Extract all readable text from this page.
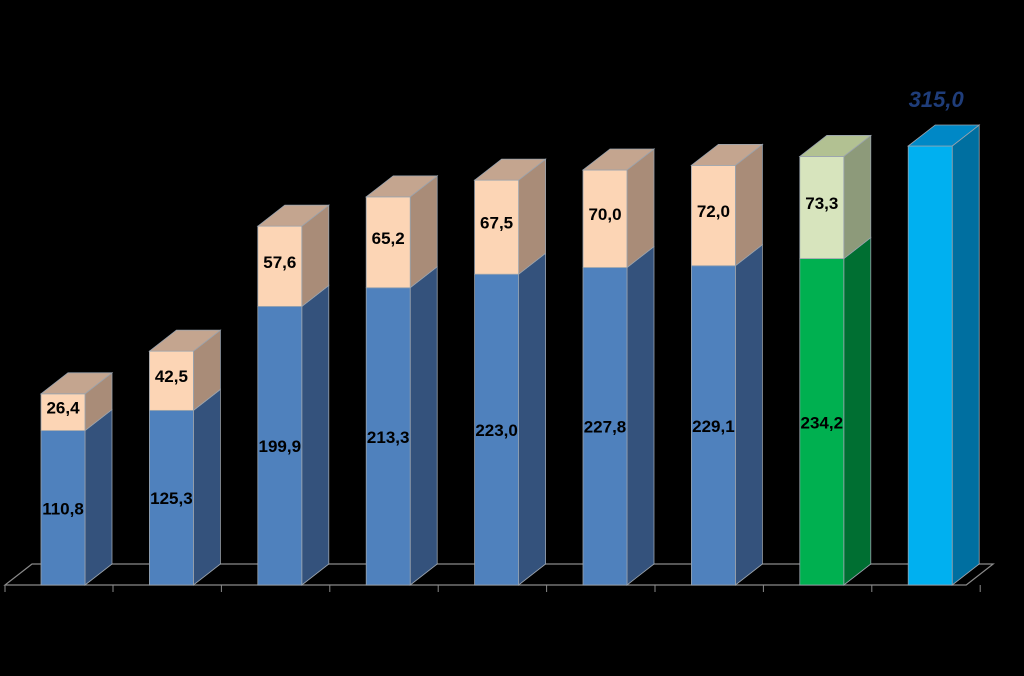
26,4
110,8
42,5
125,3
57,6
199,9
65,2
213,3
67,5
223,0
70,0
227,8
72,0
229,1
73,3
234,2
315,0
